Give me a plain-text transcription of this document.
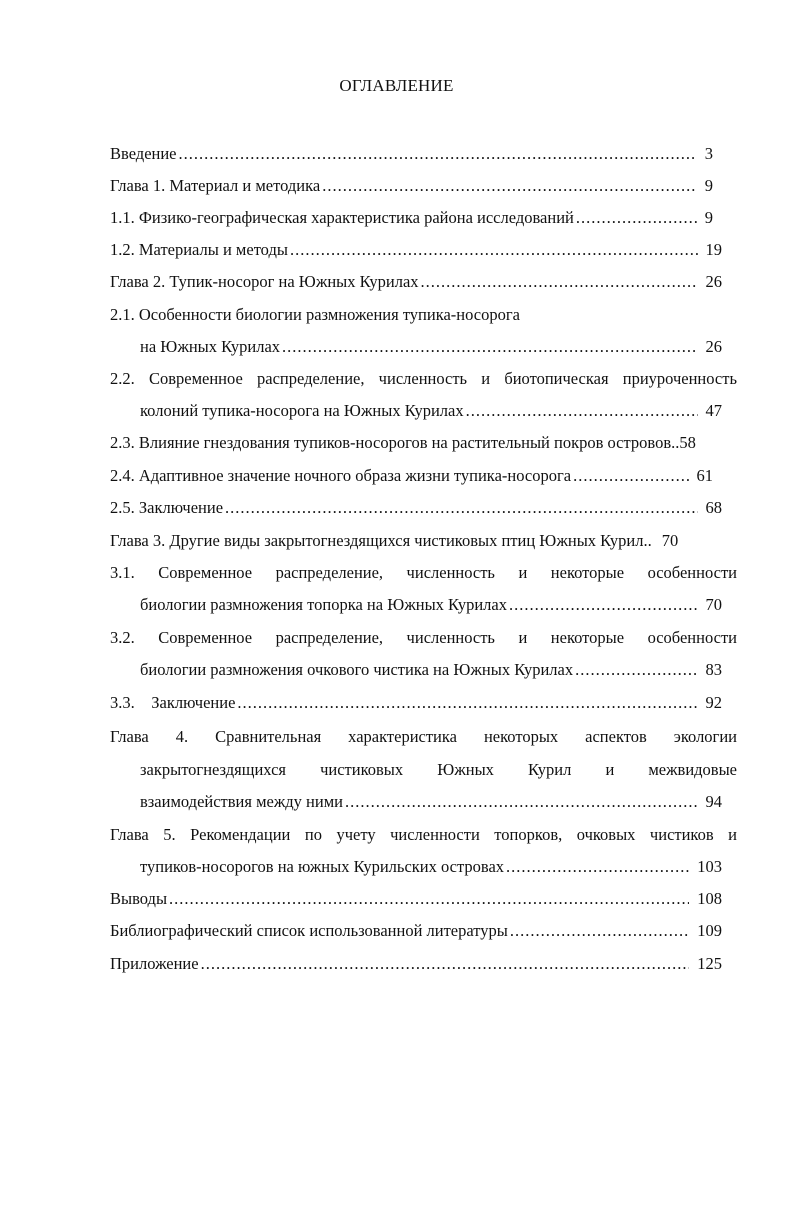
ОГЛАВЛЕНИЕ
Введение .....	3
Глава 1. Материал и методика .....	9
1.1. Физико-географическая характеристика района исследований .....	9
1.2. Материалы и методы .....	19
Глава 2. Тупик-носорог на Южных Курилах .....	26
2.1. Особенности биологии размножения тупика-носорога
на Южных Курилах .....	26
2.2. Современное распределение, численность и биотопическая приуроченность
колоний тупика-носорога на Южных Курилах .....	47
2.3. Влияние гнездования тупиков-носорогов на растительный покров островов..58
2.4. Адаптивное значение ночного образа жизни тупика-носорога .....	61
2.5. Заключение .....	68
Глава 3. Другие виды закрытогнездящихся чистиковых птиц Южных Курил.. 70
3.1. Современное распределение, численность и некоторые особенности
биологии размножения топорка на Южных Курилах .....	70
3.2. Современное распределение, численность и некоторые особенности
биологии размножения очкового чистика на Южных Курилах .....	83
3.3.    Заключение .....	92
Глава 4. Сравнительная характеристика некоторых аспектов экологии
закрытогнездящихся чистиковых Южных Курил и межвидовые
взаимодействия между ними .....	94
Глава 5. Рекомендации по учету численности топорков, очковых чистиков и
тупиков-носорогов на южных Курильских островах .....	103
Выводы .....	108
Библиографический список использованной литературы .....	109
Приложение .....	125
